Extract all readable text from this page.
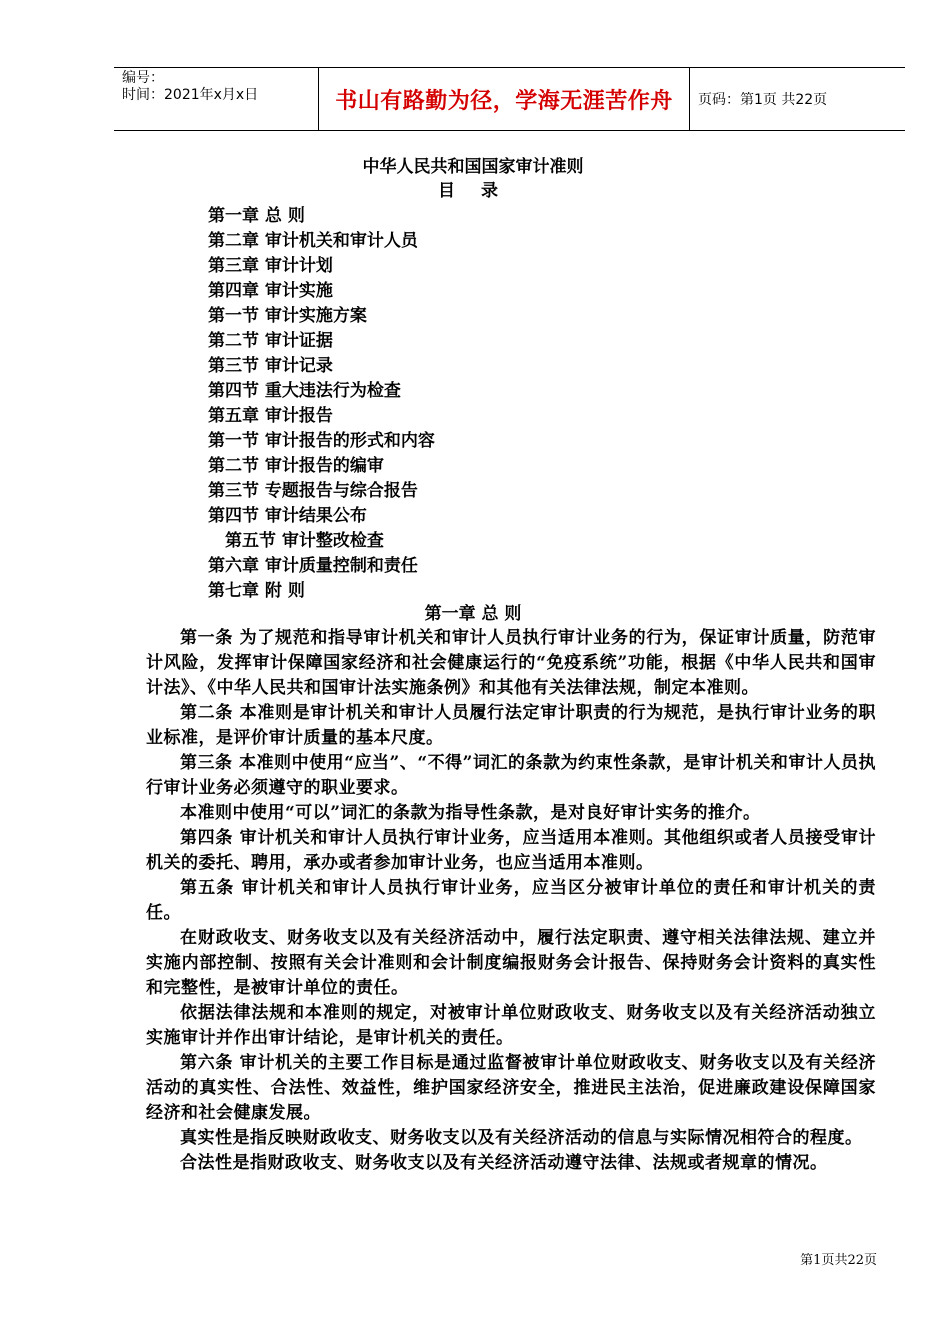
编号：
时间：2021年x月x日	书山有路勤为径，学海无涯苦作舟	页码：第1页 共22页
中华人民共和国国家审计准则
目 录
第一章 总 则
第二章 审计机关和审计人员
第三章 审计计划
第四章 审计实施
第一节 审计实施方案
第二节 审计证据
第三节 审计记录
第四节 重大违法行为检查
第五章 审计报告
第一节 审计报告的形式和内容
第二节 审计报告的编审
第三节 专题报告与综合报告
第四节 审计结果公布
第五节 审计整改检查
第六章 审计质量控制和责任
第七章 附 则
第一章 总 则

第一条 为了规范和指导审计机关和审计人员执行审计业务的行为，保证审计质量，防范审计风险，发挥审计保障国家经济和社会健康运行的“免疫系统”功能，根据《中华人民共和国审计法》、《中华人民共和国审计法实施条例》和其他有关法律法规，制定本准则。

第二条 本准则是审计机关和审计人员履行法定审计职责的行为规范，是执行审计业务的职业标准，是评价审计质量的基本尺度。

第三条 本准则中使用“应当”、“不得”词汇的条款为约束性条款，是审计机关和审计人员执行审计业务必须遵守的职业要求。

本准则中使用“可以”词汇的条款为指导性条款，是对良好审计实务的推介。

第四条 审计机关和审计人员执行审计业务，应当适用本准则。其他组织或者人员接受审计机关的委托、聘用，承办或者参加审计业务，也应当适用本准则。

第五条 审计机关和审计人员执行审计业务，应当区分被审计单位的责任和审计机关的责任。

在财政收支、财务收支以及有关经济活动中，履行法定职责、遵守相关法律法规、建立并实施内部控制、按照有关会计准则和会计制度编报财务会计报告、保持财务会计资料的真实性和完整性，是被审计单位的责任。

依据法律法规和本准则的规定，对被审计单位财政收支、财务收支以及有关经济活动独立实施审计并作出审计结论，是审计机关的责任。

第六条 审计机关的主要工作目标是通过监督被审计单位财政收支、财务收支以及有关经济活动的真实性、合法性、效益性，维护国家经济安全，推进民主法治，促进廉政建设保障国家经济和社会健康发展。

真实性是指反映财政收支、财务收支以及有关经济活动的信息与实际情况相符合的程度。

合法性是指财政收支、财务收支以及有关经济活动遵守法律、法规或者规章的情况。

第1页共22页
